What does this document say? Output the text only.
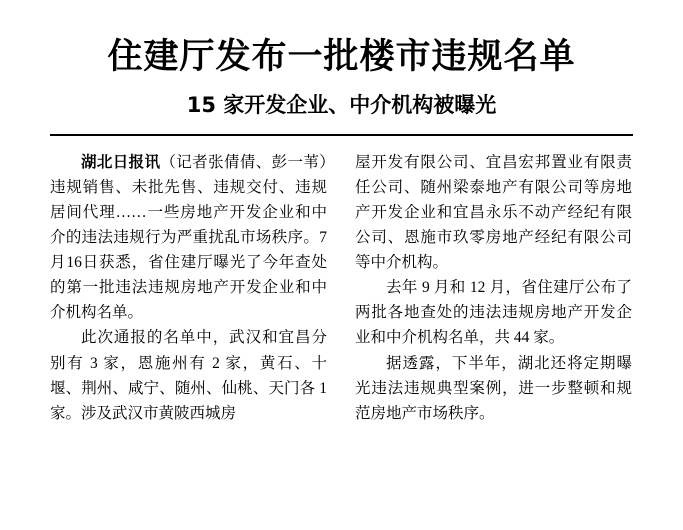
住建厅发布一批楼市违规名单
15 家开发企业、中介机构被曝光

湖北日报讯（记者张倩倩、彭一苇）违规销售、未批先售、违规交付、违规居间代理……一些房地产开发企业和中介的违法违规行为严重扰乱市场秩序。7月16日获悉，省住建厅曝光了今年查处的第一批违法违规房地产开发企业和中介机构名单。

此次通报的名单中，武汉和宜昌分别有 3 家，恩施州有 2 家，黄石、十堰、荆州、咸宁、随州、仙桃、天门各 1 家。涉及武汉市黄陂西城房

屋开发有限公司、宜昌宏邦置业有限责任公司、随州梁泰地产有限公司等房地产开发企业和宜昌永乐不动产经纪有限公司、恩施市玖零房地产经纪有限公司等中介机构。

去年 9 月和 12 月，省住建厅公布了两批各地查处的违法违规房地产开发企业和中介机构名单，共 44 家。

据透露，下半年，湖北还将定期曝光违法违规典型案例，进一步整顿和规范房地产市场秩序。
